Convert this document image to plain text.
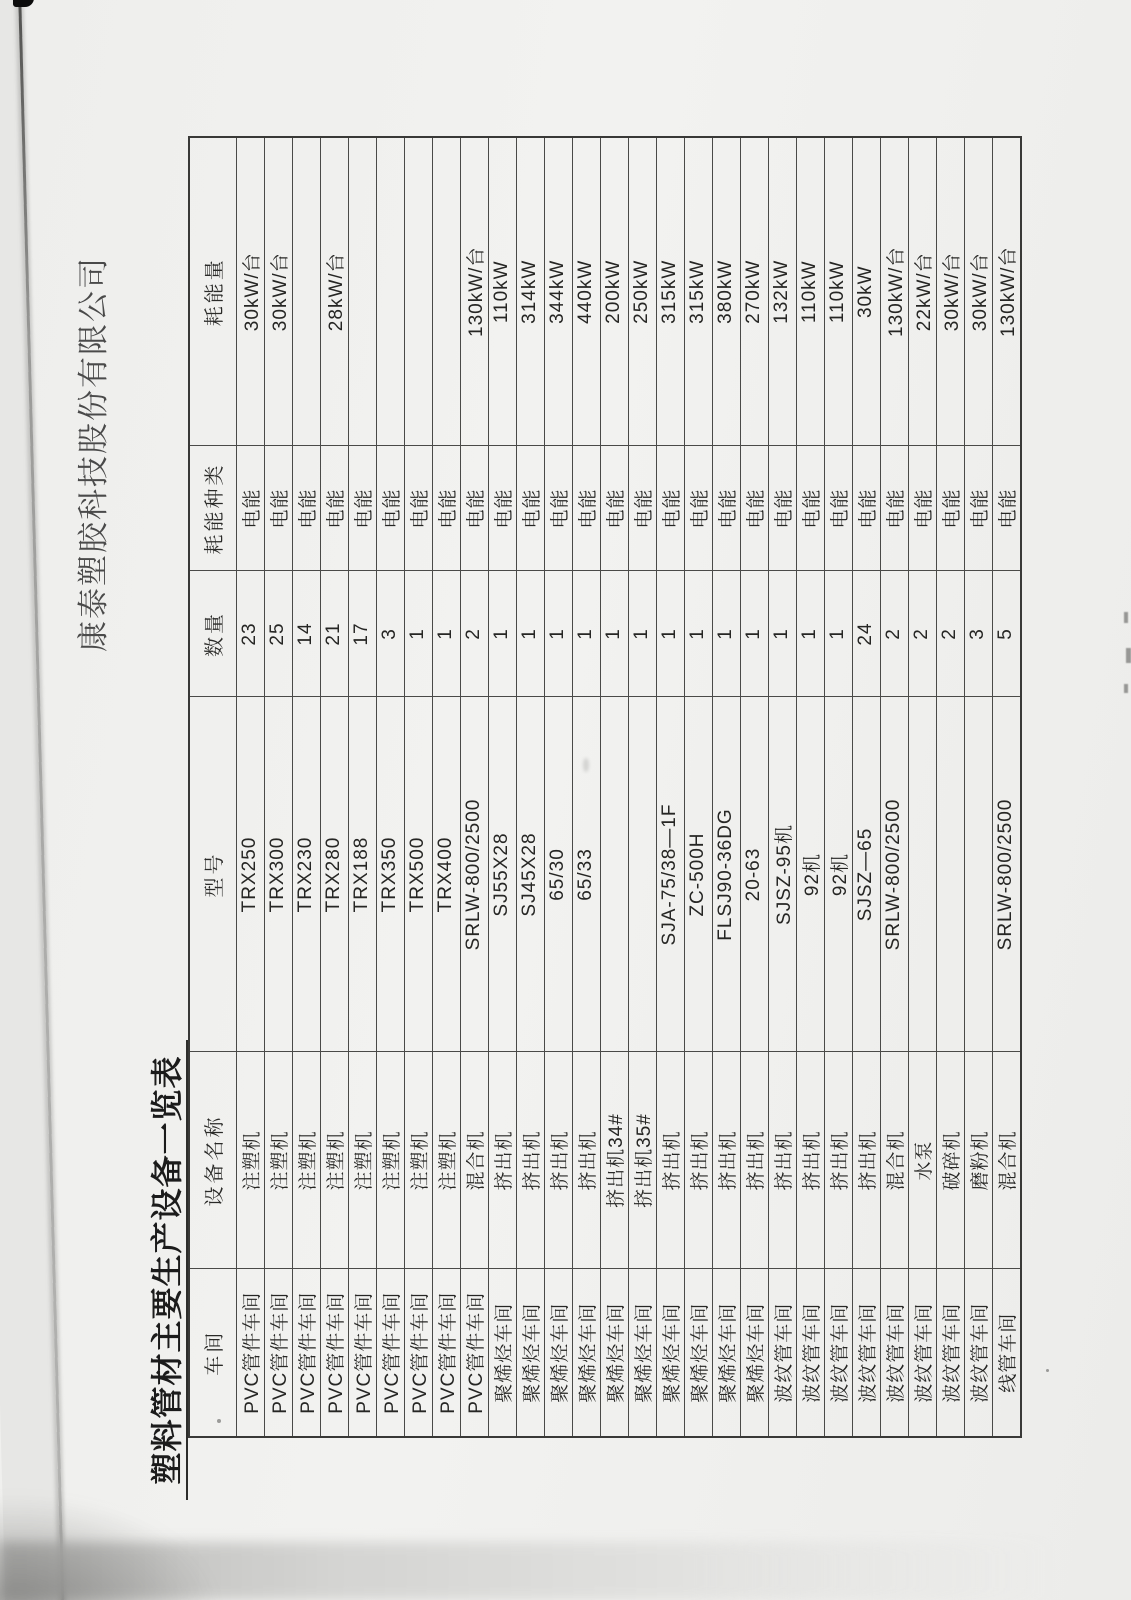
康泰塑胶科技股份有限公司
塑料管材主要生产设备一览表 车间	设备名称	型号	数量	耗能种类	耗能量
PVC管件车间	注塑机	TRX250	23	电能	30kW/台
PVC管件车间	注塑机	TRX300	25	电能	30kW/台
PVC管件车间	注塑机	TRX230	14	电能	
PVC管件车间	注塑机	TRX280	21	电能	28kW/台
PVC管件车间	注塑机	TRX188	17	电能	
PVC管件车间	注塑机	TRX350	3	电能	
PVC管件车间	注塑机	TRX500	1	电能	
PVC管件车间	注塑机	TRX400	1	电能	
PVC管件车间	混合机	SRLW-800/2500	2	电能	130kW/台
聚烯烃车间	挤出机	SJ55X28	1	电能	110kW
聚烯烃车间	挤出机	SJ45X28	1	电能	314kW
聚烯烃车间	挤出机	65/30	1	电能	344kW
聚烯烃车间	挤出机	65/33	1	电能	440kW
聚烯烃车间	挤出机34#		1	电能	200kW
聚烯烃车间	挤出机35#		1	电能	250kW
聚烯烃车间	挤出机	SJA-75/38—1F	1	电能	315kW
聚烯烃车间	挤出机	ZC-500H	1	电能	315kW
聚烯烃车间	挤出机	FLSJ90-36DG	1	电能	380kW
聚烯烃车间	挤出机	20-63	1	电能	270kW
波纹管车间	挤出机	SJSZ-95机	1	电能	132kW
波纹管车间	挤出机	92机	1	电能	110kW
波纹管车间	挤出机	92机	1	电能	110kW
波纹管车间	挤出机	SJSZ—65	24	电能	30kW
波纹管车间	混合机	SRLW-800/2500	2	电能	130kW/台
波纹管车间	水泵		2	电能	22kW/台
波纹管车间	破碎机		2	电能	30kW/台
波纹管车间	磨粉机		3	电能	30kW/台
线管车间	混合机	SRLW-800/2500	5	电能	130kW/台
